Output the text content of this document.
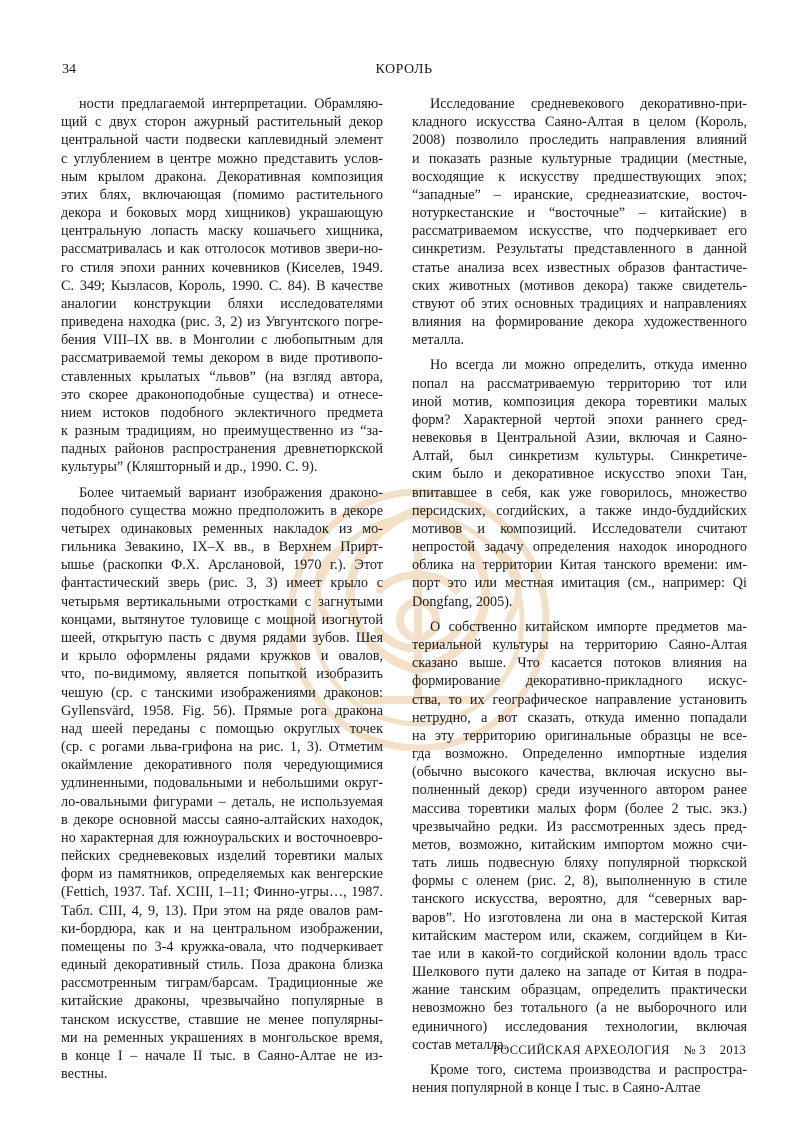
34	КОРОЛЬ
ности предлагаемой интерпретации. Обрамляю-
щий с двух сторон ажурный растительный декор
центральной части подвески каплевидный элемент
с углублением в центре можно представить услов-
ным крылом дракона. Декоративная композиция
этих блях, включающая (помимо растительного
декора и боковых морд хищников) украшающую
центральную лопасть маску кошачьего хищника,
рассматривалась и как отголосок мотивов звери-но-
го стиля эпохи ранних кочевников (Киселев, 1949.
С. 349; Кызласов, Король, 1990. С. 84). В качестве
аналогии конструкции бляхи исследователями
приведена находка (рис. 3, 2) из Увгунтского погре-
бения VIII–IX вв. в Монголии с любопытным для
рассматриваемой темы декором в виде противопо-
ставленных крылатых “львов” (на взгляд автора,
это скорее драконоподобные существа) и отнесе-
нием истоков подобного эклектичного предмета
к разным традициям, но преимущественно из “за-
падных районов распространения древнетюркской
культуры” (Кляшторный и др., 1990. С. 9).
Более читаемый вариант изображения драконо-
подобного существа можно предположить в декоре
четырех одинаковых ременных накладок из мо-
гильника Зевакино, IX–X вв., в Верхнем Прирт-
ышье (раскопки Ф.Х. Арслановой, 1970 г.). Этот
фантастический зверь (рис. 3, 3) имеет крыло с
четырьмя вертикальными отростками с загнутыми
концами, вытянутое туловище с мощной изогнутой
шеей, открытую пасть с двумя рядами зубов. Шея
и крыло оформлены рядами кружков и овалов,
что, по-видимому, является попыткой изобразить
чешую (ср. с танскими изображениями драконов:
Gyllensvärd, 1958. Fig. 56). Прямые рога дракона
над шеей переданы с помощью округлых точек
(ср. с рогами льва-грифона на рис. 1, 3). Отметим
окаймление декоративного поля чередующимися
удлиненными, подовальными и небольшими округ-
ло-овальными фигурами – деталь, не используемая
в декоре основной массы саяно-алтайских находок,
но характерная для южноуральских и восточноевро-
пейских средневековых изделий торевтики малых
форм из памятников, определяемых как венгерские
(Fettich, 1937. Taf. XCIII, 1–11; Финно-угры…, 1987.
Табл. CIII, 4, 9, 13). При этом на ряде овалов рам-
ки-бордюра, как и на центральном изображении,
помещены по 3-4 кружка-овала, что подчеркивает
единый декоративный стиль. Поза дракона близка
рассмотренным тиграм/барсам. Традиционные же
китайские драконы, чрезвычайно популярные в
танском искусстве, ставшие не менее популярны-
ми на ременных украшениях в монгольское время,
в конце I – начале II тыс. в Саяно-Алтае не из-
вестны.
Исследование средневекового декоративно-при-
кладного искусства Саяно-Алтая в целом (Король,
2008) позволило проследить направления влияний
и показать разные культурные традиции (местные,
восходящие к искусству предшествующих эпох;
“западные” – иранские, среднеазиатские, восточ-
нотуркестанские и “восточные” – китайские) в
рассматриваемом искусстве, что подчеркивает его
синкретизм. Результаты представленного в данной
статье анализа всех известных образов фантастиче-
ских животных (мотивов декора) также свидетель-
ствуют об этих основных традициях и направлениях
влияния на формирование декора художественного
металла.
Но всегда ли можно определить, откуда именно
попал на рассматриваемую территорию тот или
иной мотив, композиция декора торевтики малых
форм? Характерной чертой эпохи раннего сред-
невековья в Центральной Азии, включая и Саяно-
Алтай, был синкретизм культуры. Синкретиче-
ским было и декоративное искусство эпохи Тан,
впитавшее в себя, как уже говорилось, множество
персидских, согдийских, а также индо-буддийских
мотивов и композиций. Исследователи считают
непростой задачу определения находок инородного
облика на территории Китая танского времени: им-
порт это или местная имитация (см., например: Qi
Dongfang, 2005).
О собственно китайском импорте предметов ма-
териальной культуры на территорию Саяно-Алтая
сказано выше. Что касается потоков влияния на
формирование декоративно-прикладного искус-
ства, то их географическое направление установить
нетрудно, а вот сказать, откуда именно попадали
на эту территорию оригинальные образцы не все-
гда возможно. Определенно импортные изделия
(обычно высокого качества, включая искусно вы-
полненный декор) среди изученного автором ранее
массива торевтики малых форм (более 2 тыс. экз.)
чрезвычайно редки. Из рассмотренных здесь пред-
метов, возможно, китайским импортом можно счи-
тать лишь подвесную бляху популярной тюркской
формы с оленем (рис. 2, 8), выполненную в стиле
танского искусства, вероятно, для “северных вар-
варов”. Но изготовлена ли она в мастерской Китая
китайским мастером или, скажем, согдийцем в Ки-
тае или в какой-то согдийской колонии вдоль трасс
Шелкового пути далеко на западе от Китая в подра-
жание танским образцам, определить практически
невозможно без тотального (а не выборочного или
единичного) исследования технологии, включая
состав металла.
Кроме того, система производства и распростра-
нения популярной в конце I тыс. в Саяно-Алтае
РОССИЙСКАЯ АРХЕОЛОГИЯ № 3 2013
